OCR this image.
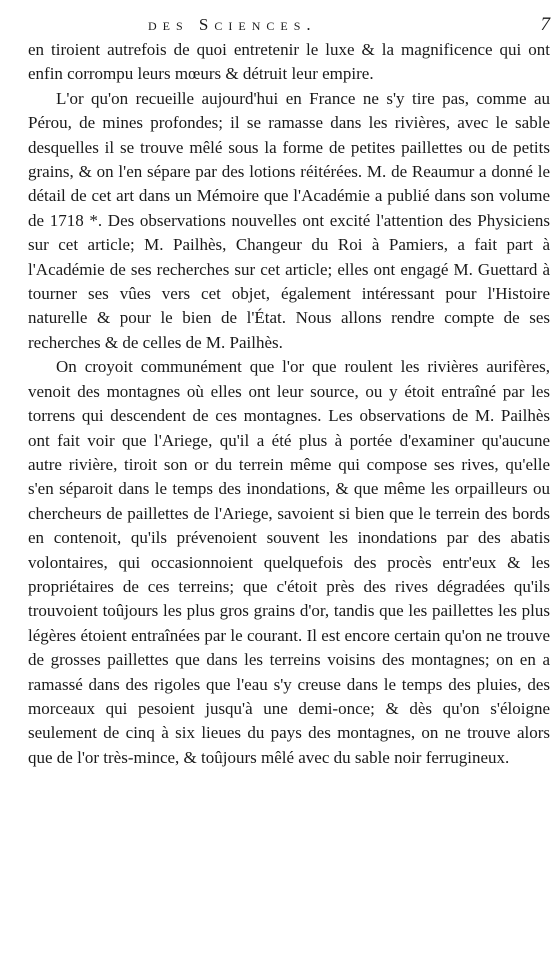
des Sciences.	7

en tiroient autrefois de quoi entretenir le luxe & la magnificence qui ont enfin corrompu leurs mœurs & détruit leur empire.

L'or qu'on recueille aujourd'hui en France ne s'y tire pas, comme au Pérou, de mines profondes; il se ramasse dans les rivières, avec le sable desquelles il se trouve mêlé sous la forme de petites paillettes ou de petits grains, & on l'en sépare par des lotions réitérées. M. de Reaumur a donné le détail de cet art dans un Mémoire que l'Académie a publié dans son volume de 1718 *. Des observations nouvelles ont excité l'attention des Physiciens sur cet article; M. Pailhès, Changeur du Roi à Pamiers, a fait part à l'Académie de ses recherches sur cet article; elles ont engagé M. Guettard à tourner ses vûes vers cet objet, également intéressant pour l'Histoire naturelle & pour le bien de l'État. Nous allons rendre compte de ses recherches & de celles de M. Pailhès.

On croyoit communément que l'or que roulent les rivières aurifères, venoit des montagnes où elles ont leur source, ou y étoit entraîné par les torrens qui descendent de ces montagnes. Les observations de M. Pailhès ont fait voir que l'Ariege, qu'il a été plus à portée d'examiner qu'aucune autre rivière, tiroit son or du terrein même qui compose ses rives, qu'elle s'en séparoit dans le temps des inondations, & que même les orpailleurs ou chercheurs de paillettes de l'Ariege, savoient si bien que le terrein des bords en contenoit, qu'ils prévenoient souvent les inondations par des abatis volontaires, qui occasionnoient quelquefois des procès entr'eux & les propriétaires de ces terreins; que c'étoit près des rives dégradées qu'ils trouvoient toûjours les plus gros grains d'or, tandis que les paillettes les plus légères étoient entraînées par le courant. Il est encore certain qu'on ne trouve de grosses paillettes que dans les terreins voisins des montagnes; on en a ramassé dans des rigoles que l'eau s'y creuse dans le temps des pluies, des morceaux qui pesoient jusqu'à une demi-once; & dès qu'on s'éloigne seulement de cinq à six lieues du pays des montagnes, on ne trouve alors que de l'or très-mince, & toûjours mêlé avec du sable noir ferrugineux.
